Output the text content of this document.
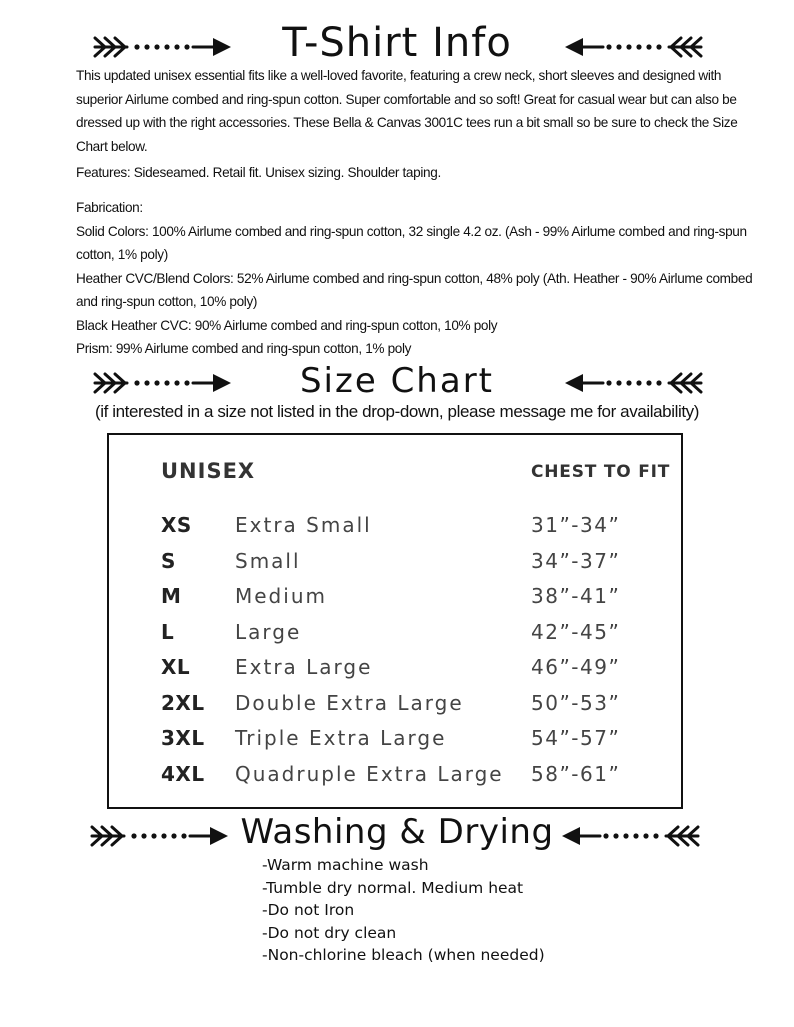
T-Shirt Info

This updated unisex essential fits like a well-loved favorite, featuring a crew neck, short sleeves and designed with superior Airlume combed and ring-spun cotton. Super comfortable and so soft! Great for casual wear but can also be dressed up with the right accessories. These Bella & Canvas 3001C tees run a bit small so be sure to check the Size Chart below.

Features: Sideseamed. Retail fit. Unisex sizing. Shoulder taping.

Fabrication:

Solid Colors: 100% Airlume combed and ring-spun cotton, 32 single 4.2 oz. (Ash - 99% Airlume combed and ring-spun cotton, 1% poly)

Heather CVC/Blend Colors: 52% Airlume combed and ring-spun cotton, 48% poly (Ath. Heather - 90% Airlume combed and ring-spun cotton, 10% poly)

Black Heather CVC: 90% Airlume combed and ring-spun cotton, 10% poly

Prism: 99% Airlume combed and ring-spun cotton, 1% poly

Size Chart
(if interested in a size not listed in the drop-down, please message me for availability)
UNISEX	CHEST TO FIT
XS Extra Small	31”-34”
S	Small	34”-37”
M	Medium	38”-41”
L	Large	42”-45”
XL Extra Large	46”-49”
2XL Double Extra Large	50”-53”
3XL Triple Extra Large	54”-57”
4XL Quadruple Extra Large 58”-61”
Washing & Drying
-Warm machine wash
-Tumble dry normal. Medium heat
-Do not Iron
-Do not dry clean
-Non-chlorine bleach (when needed)
